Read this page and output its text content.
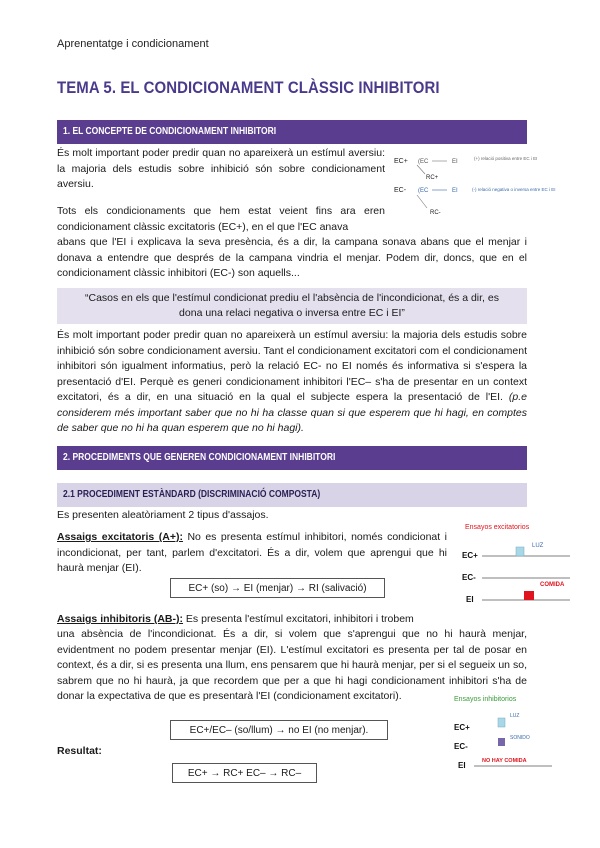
Aprenentatge i condicionament
TEMA 5. EL CONDICIONAMENT CLÀSSIC INHIBITORI
1. EL CONCEPTE DE CONDICIONAMENT INHIBITORI
És molt important poder predir quan no apareixerà un estímul aversiu: la majoria dels estudis sobre inhibició són sobre condicionament aversiu.
Tots els condicionaments que hem estat veient fins ara eren condicionament clàssic excitatoris (EC+), en el que l'EC anava
abans que l'EI i explicava la seva presència, és a dir, la campana sonava abans que el menjar i donava a entendre que després de la campana vindria el menjar. Podem dir, doncs, que en el condicionament clàssic inhibitori (EC-) son aquells...
EC+ (EC	EI
(+) relació positiva entre EC i EI
RC+
EC- (EC	EI	(-) relació negativa o inversa entre EC i EI
RC-
“Casos en els que l'estímul condicionat prediu el l'absència de l'incondicionat, és a dir, es dona una relaci negativa o inversa entre EC i EI”
És molt important poder predir quan no apareixerà un estímul aversiu: la majoria dels estudis sobre inhibició són sobre condicionament aversiu. Tant el condicionament excitatori com el condicionament inhibitori són igualment informatius, però la relació EC- no EI només és informativa si s'espera la presentació d'EI. Perquè es generi condicionament inhibitori l'EC– s'ha de presentar en un context excitatori, és a dir, en una situació en la qual el subjecte espera la presentació de l'EI. (p.e considerem més important saber que no hi ha classe quan si que esperem que hi hagi, en comptes de saber que no hi ha quan esperem que no hi hagi).
2. PROCEDIMENTS QUE GENEREN CONDICIONAMENT INHIBITORI
2.1 PROCEDIMENT ESTÀNDARD (DISCRIMINACIÓ COMPOSTA)
Es presenten aleatòriament 2 tipus d'assajos.
Assaigs excitatoris (A+): No es presenta estímul inhibitori, només condicionat i incondicionat, per tant, parlem d'excitatori. És a dir, volem que aprengui que hi haurà menjar (EI).
EC+ (so) → EI (menjar) → RI (salivació)
Assaigs inhibitoris (AB-): Es presenta l'estímul excitatori, inhibitori i trobem
una absència de l'incondicionat. És a dir, si volem que s'aprengui que no hi haurà menjar, evidentment no podem presentar menjar (EI). L'estímul excitatori es presenta per tal de posar en context, és a dir, si es presenta una llum, ens pensarem que hi haurà menjar, per si el segueix un so, sabrem que no hi haurà, ja que recordem que per a que hi hagi condicionament inhibitori s'ha de donar la expectativa de que es presentarà l'EI (condicionament excitatori).
EC+/EC– (so/llum) → no EI (no menjar).
Resultat:
EC+ → RC+ EC– → RC–
Ensayos excitatorios
EC+
LUZ
EC-
COMIDA
EI
Ensayos inhibitorios
LUZ
EC+
SONIDO
EC-
NO HAY COMIDA
EI
